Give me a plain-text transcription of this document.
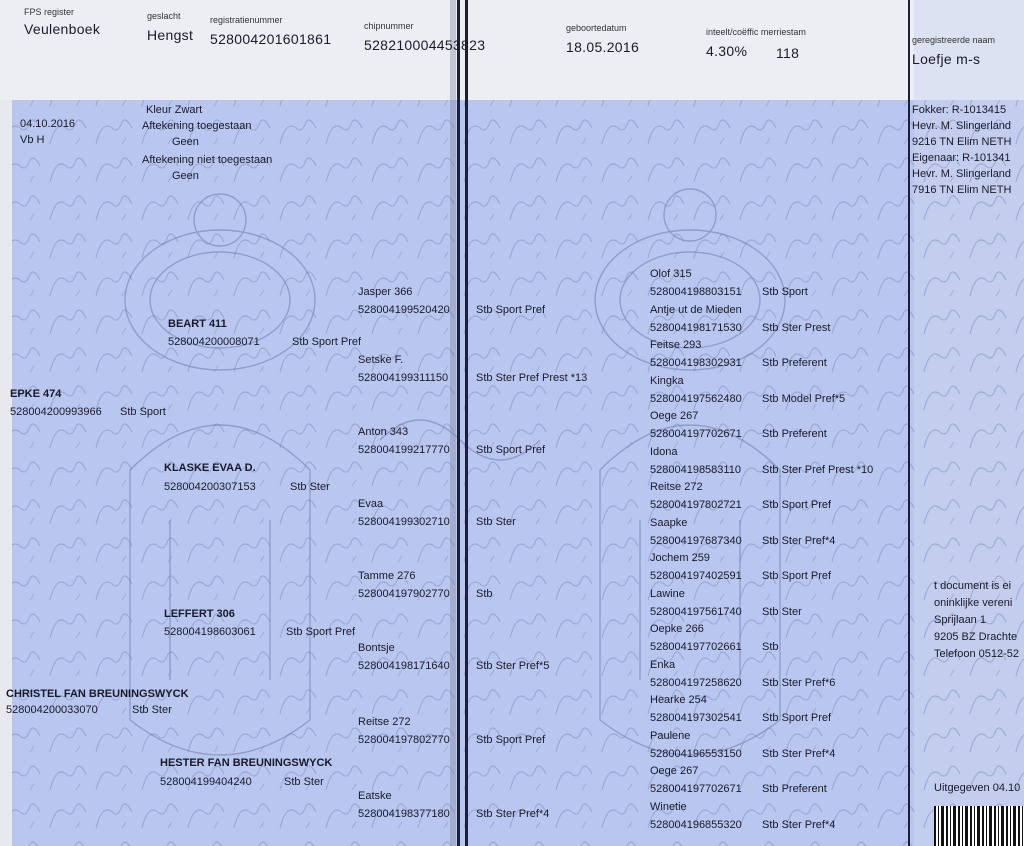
FPS register
Veulenboek
geslacht
Hengst
registratienummer
528004201601861
chipnummer
528210004453823
geboortedatum
18.05.2016
inteelt/coëffic merriestam
4.30% 118
geregistreerde naam
Loefje m-s
04.10.2016
Vb H
Kleur Zwart
Aftekening toegestaan
Geen
Aftekening niet toegestaan
Geen
EPKE 474
528004200993966 Stb Sport
CHRISTEL FAN BREUNINGSWYCK
528004200033070	Stb Ster
BEART 411
528004200008071	Stb Sport Pref
KLASKE EVAA D.
528004200307153	Stb Ster
LEFFERT 306
528004198603061	Stb Sport Pref
HESTER FAN BREUNINGSWYCK
528004199404240	Stb Ster
Jasper 366
528004199520420 Stb Sport Pref
Setske F.
528004199311150	Stb Ster Pref Prest *13
Anton 343
528004199217770 Stb Sport Pref
Evaa
528004199302710 Stb Ster
Tamme 276
528004197902770 Stb
Bontsje
528004198171640 Stb Ster Pref*5
Reitse 272
528004197802770 Stb Sport Pref
Eatske
528004198377180 Stb Ster Pref*4
Olof 315
528004198803151 Stb Sport
Antje ut de Mieden
528004198171530 Stb Ster Prest
Feitse 293
528004198302931 Stb Preferent
Kingka
528004197562480 Stb Model Pref*5
Oege 267
528004197702671 Stb Preferent
Idona
528004198583110 Stb Ster Pref Prest *10
Reitse 272
528004197802721 Stb Sport Pref
Saapke
528004197687340 Stb Ster Pref*4
Jochem 259
528004197402591 Stb Sport Pref
Lawine
528004197561740 Stb Ster
Oepke 266
528004197702661 Stb
Enka
528004197258620 Stb Ster Pref*6
Hearke 254
528004197302541 Stb Sport Pref
Paulene
528004196553150 Stb Ster Pref*4
Oege 267
528004197702671 Stb Preferent
Winetie
528004196855320 Stb Ster Pref*4
Fokker: R-1013415
Hevr. M. Slingerland
9216 TN Elim NETH
Eigenaar: R-101341
Hevr. M. Slingerland
7916 TN Elim NETH
t document is ei
oninklijke vereni
Sprijlaan 1
9205 BZ Drachte
Telefoon 0512-52
Uitgegeven 04.10
